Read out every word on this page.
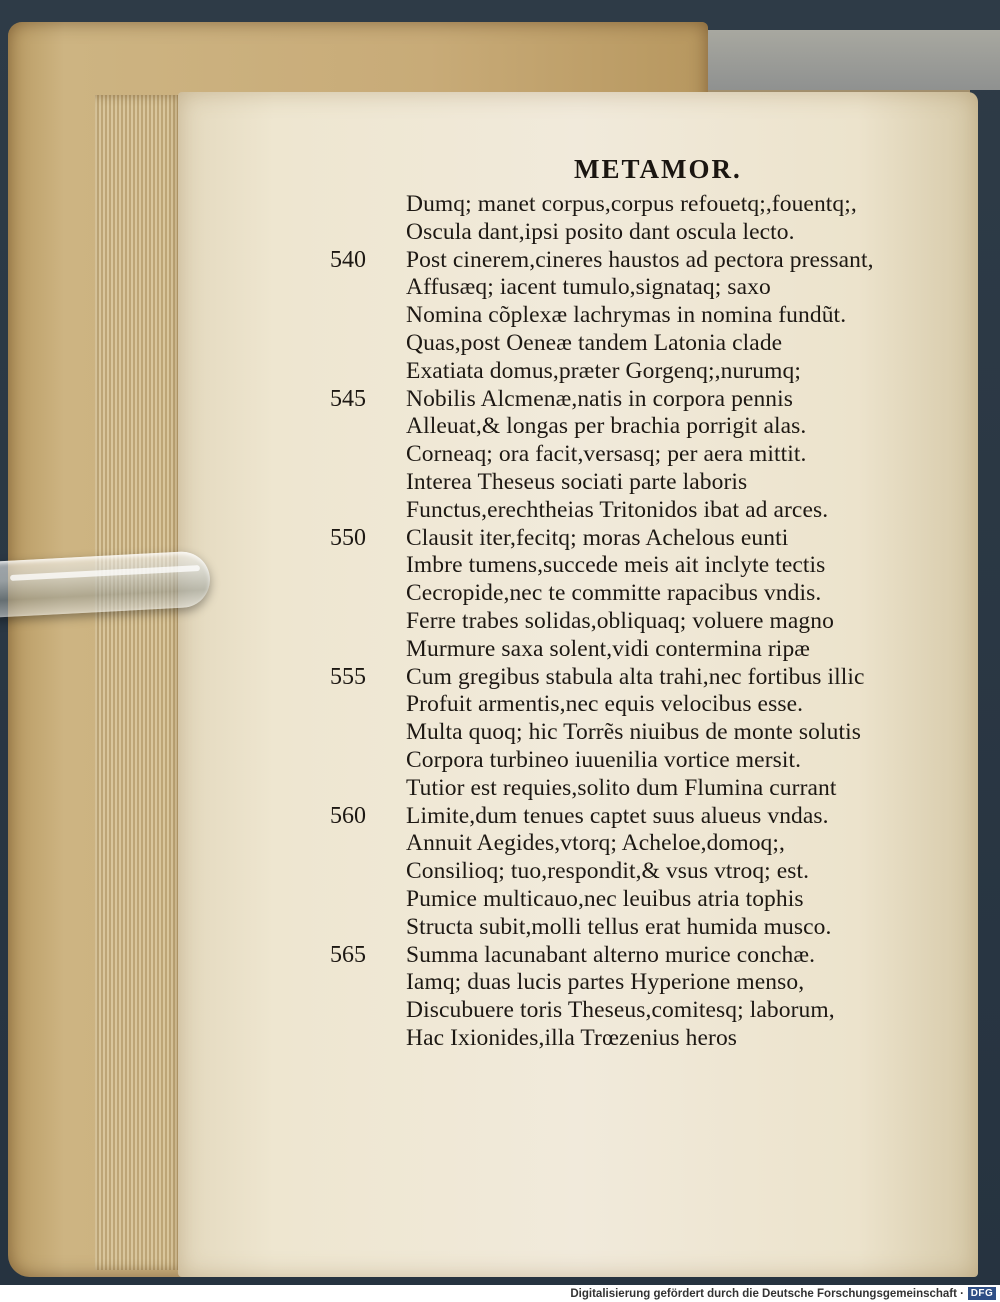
METAMOR.
Dumq; manet corpus,corpus refouetq;,fouentq;,
Oscula dant,ipsi posito dant oscula lecto.
540	Post cinerem,cineres haustos ad pectora pressant,
Affusæq; iacent tumulo,signataq; saxo
Nomina cõplexæ lachrymas in nomina fundũt.
Quas,post Oeneæ tandem Latonia clade
Exatiata domus,præter Gorgenq;,nurumq;
545	Nobilis Alcmenæ,natis in corpora pennis
Alleuat,& longas per brachia porrigit alas.
Corneaq; ora facit,versasq; per aera mittit.
Interea Theseus sociati parte laboris
Functus,erechtheias Tritonidos ibat ad arces.
550	Clausit iter,fecitq; moras Achelous eunti
Imbre tumens,succede meis ait inclyte tectis
Cecropide,nec te committe rapacibus vndis.
Ferre trabes solidas,obliquaq; voluere magno
Murmure saxa solent,vidi contermina ripæ
555	Cum gregibus stabula alta trahi,nec fortibus illic
Profuit armentis,nec equis velocibus esse.
Multa quoq; hic Torrẽs niuibus de monte solutis
Corpora turbineo iuuenilia vortice mersit.
Tutior est requies,solito dum Flumina currant
560	Limite,dum tenues captet suus alueus vndas.
Annuit Aegides,vtorq; Acheloe,domoq;,
Consilioq; tuo,respondit,& vsus vtroq; est.
Pumice multicauo,nec leuibus atria tophis
Structa subit,molli tellus erat humida musco.
565	Summa lacunabant alterno murice conchæ.
Iamq; duas lucis partes Hyperione menso,
Discubuere toris Theseus,comitesq; laborum,
Hac Ixionides,illa Trœzenius heros
Digitalisierung gefördert durch die Deutsche Forschungsgemeinschaft · DFG
